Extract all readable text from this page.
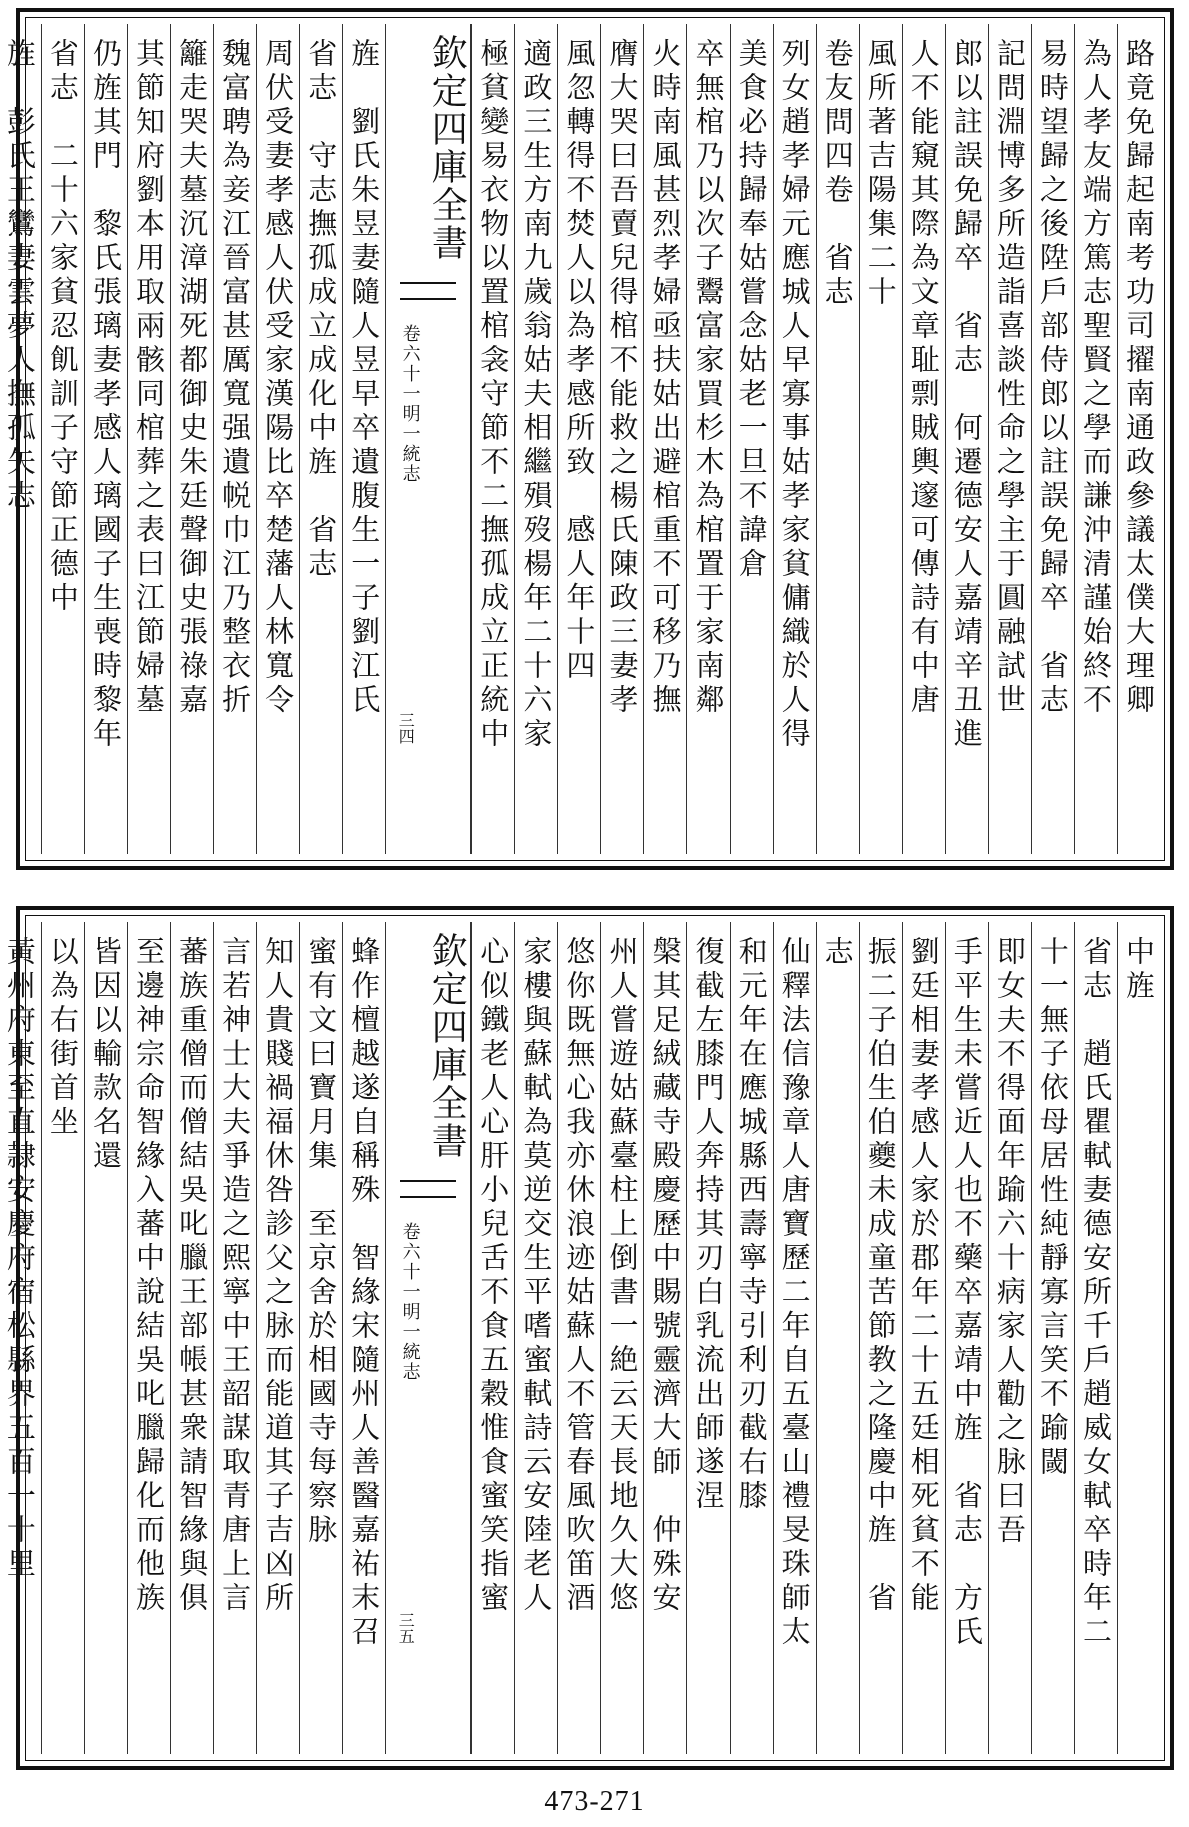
路竟免歸起南考功司擢南通政參議太僕大理卿
為人孝友端方篤志聖賢之學而謙沖清謹始終不
易時望歸之後陞戶部侍郎以註誤免歸卒　省志
記問淵博多所造詣喜談性命之學主于圓融試世
郎以註誤免歸卒　省志　何遷德安人嘉靖辛丑進
人不能窺其際為文章耻剽賊輿邃可傳詩有中唐
風所著吉陽集二十
卷友問四卷　省志
列女趙孝婦元應城人早寡事姑孝家貧傭織於人得
美食必持歸奉姑嘗念姑老一旦不諱倉
卒無棺乃以次子鬻富家買杉木為棺置于家南鄰
火時南風甚烈孝婦亟扶姑出避棺重不可移乃撫
膺大哭曰吾賣兒得棺不能救之楊氏陳政三妻孝
風忽轉得不焚人以為孝感所致　感人年十四
適政三生方南九歲翁姑夫相繼殞歿楊年二十六家
極貧變易衣物以置棺衾守節不二撫孤成立正統中
欽定四庫全書
卷六十一明一統志
三四
旌　劉氏朱昱妻隨人昱早卒遺腹生一子劉江氏
省志　守志撫孤成立成化中旌　省志
周伏受妻孝感人伏受家漢陽比卒楚藩人林寬令
魏富聘為妾江晉富甚厲寬强遺帨巾江乃整衣折
籬走哭夫墓沉漳湖死都御史朱廷聲御史張祿嘉
其節知府劉本用取兩骸同棺葬之表曰江節婦墓
仍旌其門　黎氏張璃妻孝感人璃國子生喪時黎年
省志　二十六家貧忍飢訓子守節正德中
旌　彭氏王鸞妻雲夢人撫孤矢志
中旌
省志　趙氏瞿軾妻德安所千戶趙威女軾卒時年二
十一無子依母居性純靜寡言笑不踰閾
即女夫不得面年踰六十病家人勸之脉曰吾
手平生未嘗近人也不藥卒嘉靖中旌　省志　方氏
劉廷相妻孝感人家於郡年二十五廷相死貧不能
振二子伯生伯夔未成童苦節教之隆慶中旌　省
志
仙釋法信豫章人唐寶歷二年自五臺山禮旻珠師太
和元年在應城縣西壽寧寺引利刃截右膝
復截左膝門人奔持其刃白乳流出師遂涅
槃其足絨藏寺殿慶歷中賜號靈濟大師　仲殊安
州人嘗遊姑蘇臺柱上倒書一絶云天長地久大悠
悠你既無心我亦休浪迹姑蘇人不管春風吹笛酒
家樓與蘇軾為莫逆交生平嗜蜜軾詩云安陸老人
心似鐵老人心肝小兒舌不食五穀惟食蜜笑指蜜
欽定四庫全書
卷六十一明一統志
三五
蜂作檀越遂自稱殊　智緣宋隨州人善醫嘉祐末召
蜜有文曰寶月集　至京舍於相國寺每察脉
知人貴賤禍福休咎診父之脉而能道其子吉凶所
言若神士大夫爭造之熙寧中王韶謀取青唐上言
蕃族重僧而僧結吳叱臘王部帳甚衆請智緣與俱
至邊神宗命智緣入蕃中說結吳叱臘歸化而他族
皆因以輸款名還
以為右街首坐
黃州府東至直隷安慶府宿松縣界五百一十里
473-271
